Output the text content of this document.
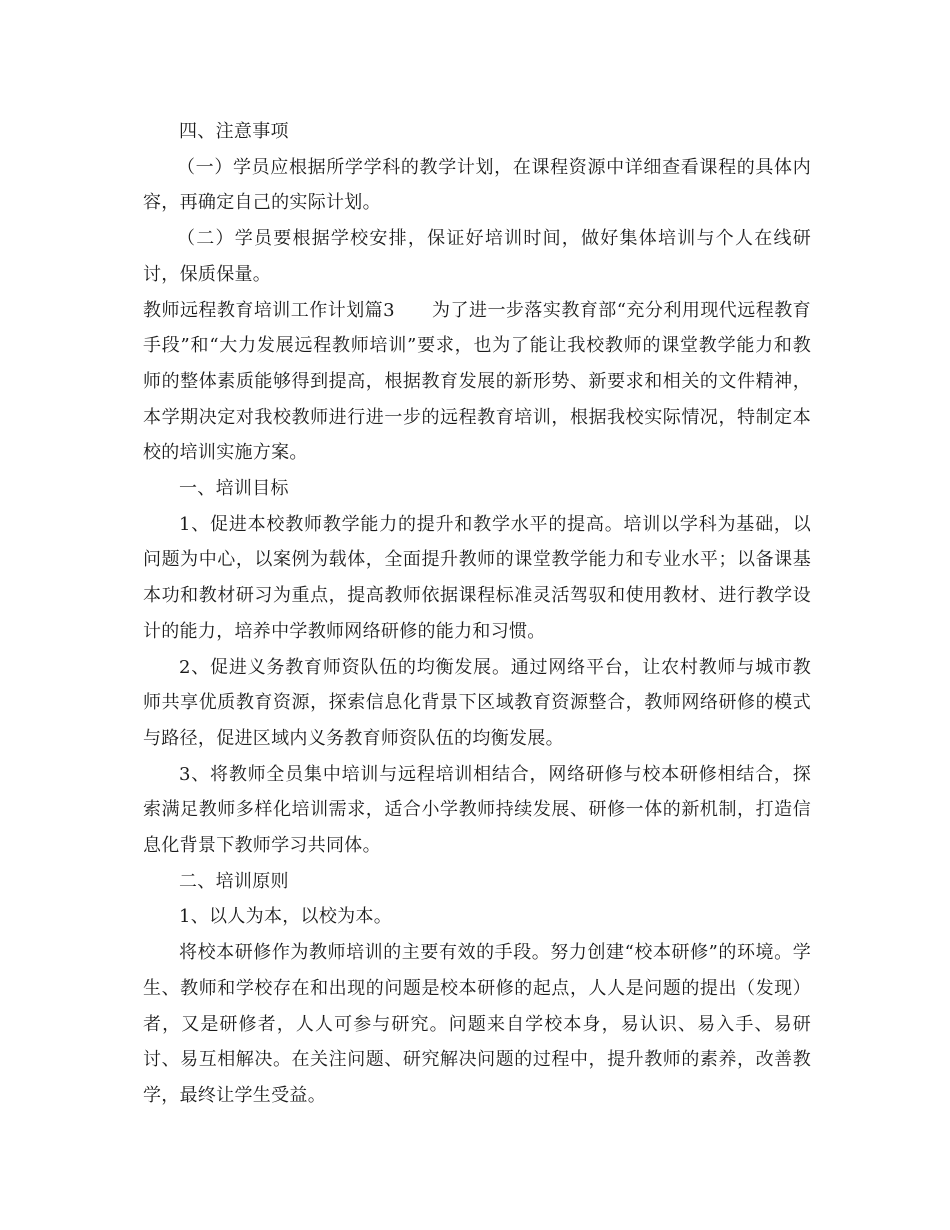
四、注意事项

（一）学员应根据所学学科的教学计划，在课程资源中详细查看课程的具体内容，再确定自己的实际计划。

（二）学员要根据学校安排，保证好培训时间，做好集体培训与个人在线研讨，保质保量。

教师远程教育培训工作计划篇3　　为了进一步落实教育部“充分利用现代远程教育手段”和“大力发展远程教师培训”要求，也为了能让我校教师的课堂教学能力和教师的整体素质能够得到提高，根据教育发展的新形势、新要求和相关的文件精神，本学期决定对我校教师进行进一步的远程教育培训，根据我校实际情况，特制定本校的培训实施方案。

一、培训目标

1、促进本校教师教学能力的提升和教学水平的提高。培训以学科为基础，以问题为中心，以案例为载体，全面提升教师的课堂教学能力和专业水平；以备课基本功和教材研习为重点，提高教师依据课程标准灵活驾驭和使用教材、进行教学设计的能力，培养中学教师网络研修的能力和习惯。

2、促进义务教育师资队伍的均衡发展。通过网络平台，让农村教师与城市教师共享优质教育资源，探索信息化背景下区域教育资源整合，教师网络研修的模式与路径，促进区域内义务教育师资队伍的均衡发展。

3、将教师全员集中培训与远程培训相结合，网络研修与校本研修相结合，探索满足教师多样化培训需求，适合小学教师持续发展、研修一体的新机制，打造信息化背景下教师学习共同体。

二、培训原则

1、以人为本，以校为本。

将校本研修作为教师培训的主要有效的手段。努力创建“校本研修”的环境。学生、教师和学校存在和出现的问题是校本研修的起点，人人是问题的提出（发现）者，又是研修者，人人可参与研究。问题来自学校本身，易认识、易入手、易研讨、易互相解决。在关注问题、研究解决问题的过程中，提升教师的素养，改善教学，最终让学生受益。
